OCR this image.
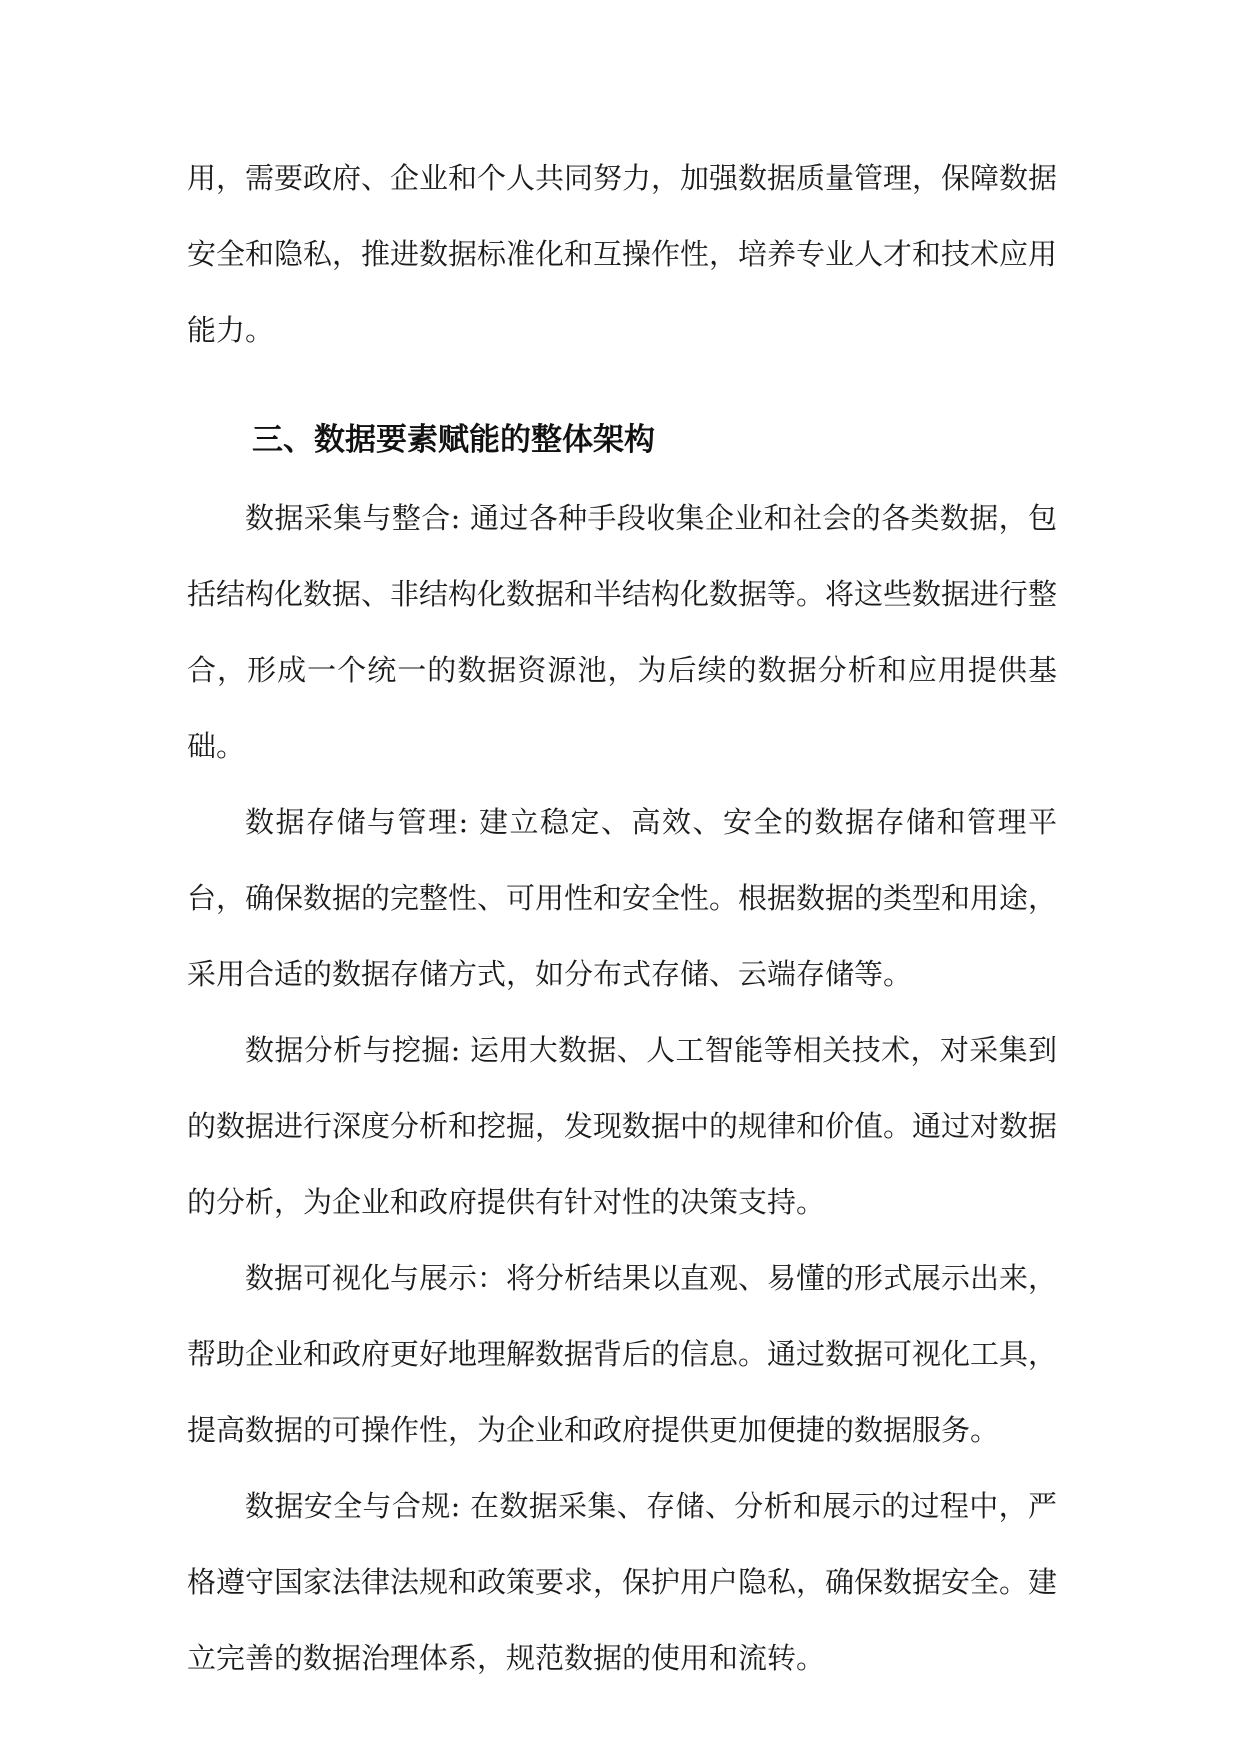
用，需要政府、企业和个人共同努力，加强数据质量管理，保障数据安全和隐私，推进数据标准化和互操作性，培养专业人才和技术应用能力。

三、数据要素赋能的整体架构

数据采集与整合: 通过各种手段收集企业和社会的各类数据，包括结构化数据、非结构化数据和半结构化数据等。将这些数据进行整合，形成一个统一的数据资源池，为后续的数据分析和应用提供基础。

数据存储与管理: 建立稳定、高效、安全的数据存储和管理平台，确保数据的完整性、可用性和安全性。根据数据的类型和用途，采用合适的数据存储方式，如分布式存储、云端存储等。

数据分析与挖掘: 运用大数据、人工智能等相关技术，对采集到的数据进行深度分析和挖掘，发现数据中的规律和价值。通过对数据的分析，为企业和政府提供有针对性的决策支持。

数据可视化与展示：将分析结果以直观、易懂的形式展示出来，帮助企业和政府更好地理解数据背后的信息。通过数据可视化工具，提高数据的可操作性，为企业和政府提供更加便捷的数据服务。

数据安全与合规: 在数据采集、存储、分析和展示的过程中，严格遵守国家法律法规和政策要求，保护用户隐私，确保数据安全。建立完善的数据治理体系，规范数据的使用和流转。
